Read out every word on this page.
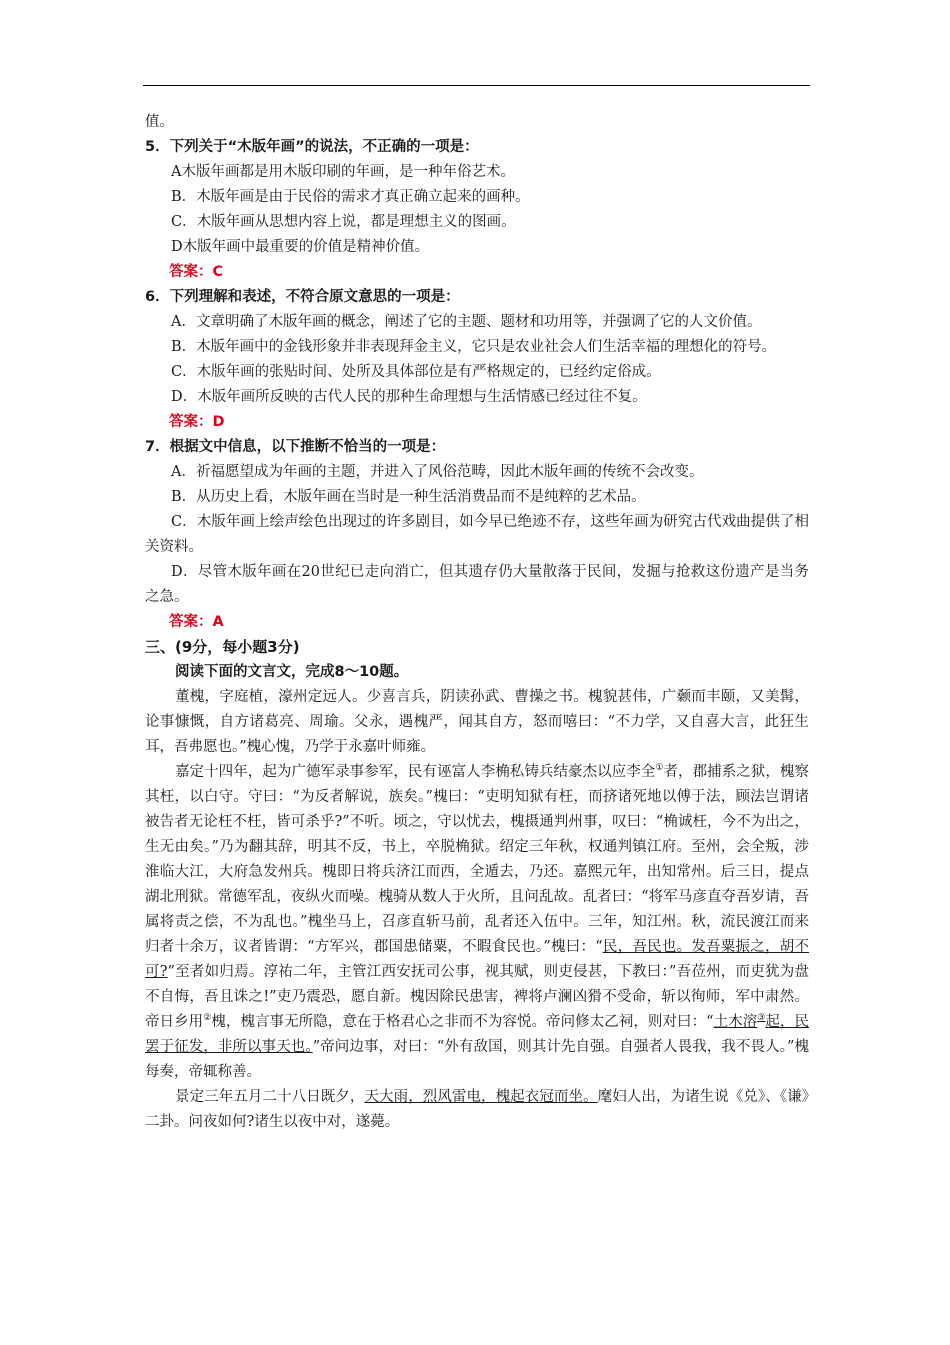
值。
5．下列关于“木版年画”的说法，不正确的一项是：
A木版年画都是用木版印刷的年画，是一种年俗艺术。
B．木版年画是由于民俗的需求才真正确立起来的画种。
C．木版年画从思想内容上说，都是理想主义的图画。
D木版年画中最重要的价值是精神价值。
答案：C
6．下列理解和表述，不符合原文意思的一项是：
A．文章明确了木版年画的概念，阐述了它的主题、题材和功用等，并强调了它的人文价值。
B．木版年画中的金钱形象并非表现拜金主义，它只是农业社会人们生活幸福的理想化的符号。
C．木版年画的张贴时间、处所及具体部位是有严格规定的，已经约定俗成。
D．木版年画所反映的古代人民的那种生命理想与生活情感已经过往不复。
答案：D
7．根据文中信息，以下推断不恰当的一项是：
A．祈福愿望成为年画的主题，并进入了风俗范畴，因此木版年画的传统不会改变。
B．从历史上看，木版年画在当时是一种生活消费品而不是纯粹的艺术品。
C．木版年画上绘声绘色出现过的许多剧目，如今早已绝迹不存，这些年画为研究古代戏曲提供了相关资料。
D．尽管木版年画在20世纪已走向消亡，但其遗存仍大量散落于民间，发掘与抢救这份遗产是当务之急。
答案：A
三、(9分，每小题3分)
阅读下面的文言文，完成8～10题。
董槐，字庭植，濠州定远人。少喜言兵，阴读孙武、曹操之书。槐貌甚伟，广颡而丰颐，又美髯，论事慷慨，自方诸葛亮、周瑜。父永，遇槐严，闻其自方，怒而嘻曰：“不力学，又自喜大言，此狂生耳，吾弗愿也。”槐心愧，乃学于永嘉叶师雍。
嘉定十四年，起为广德军录事参军，民有诬富人李桷私铸兵结豪杰以应李全①者，郡捕系之狱，槐察其枉，以白守。守曰：“为反者解说，族矣。”槐曰：“吏明知狱有枉，而挤诸死地以傅于法，顾法岂谓诸被告者无论枉不枉，皆可杀乎?”不听。顷之，守以忧去，槐摄通判州事，叹曰：“桷诚枉，今不为出之，生无由矣。”乃为翻其辞，明其不反，书上，卒脱桷狱。绍定三年秋，权通判镇江府。至州，会全叛，涉淮临大江，大府急发州兵。槐即日将兵济江而西，全遁去，乃还。嘉熙元年，出知常州。后三日，提点湖北刑狱。常德军乱，夜纵火而噪。槐骑从数人于火所，且问乱故。乱者曰：“将军马彦直夺吾岁请，吾属将责之偿，不为乱也。”槐坐马上，召彦直斩马前，乱者还入伍中。三年，知江州。秋，流民渡江而来归者十余万，议者皆谓：“方军兴，郡国患储粟，不暇食民也。”槐曰：“民，吾民也。发吾粟振之，胡不可?”至者如归焉。淳祐二年，主管江西安抚司公事，视其赋，则吏侵甚，下教曰：”吾莅州，而吏犹为盘不自悔，吾且诛之!”吏乃震恐，愿自新。槐因除民患害，裨将卢澜凶猾不受命，斩以徇师，军中肃然。帝日乡用②槐，槐言事无所隐，意在于格君心之非而不为容悦。帝问修太乙祠，则对曰：“土木溶③起，民罢于征发，非所以事天也。”帝问边事，对曰：“外有敌国，则其计先自强。自强者人畏我，我不畏人。”槐每奏，帝辄称善。
景定三年五月二十八日既夕，天大雨，烈风雷电，槐起衣冠而坐。麾妇人出，为诸生说《兑》、《谦》二卦。问夜如何?诸生以夜中对，遂薨。
